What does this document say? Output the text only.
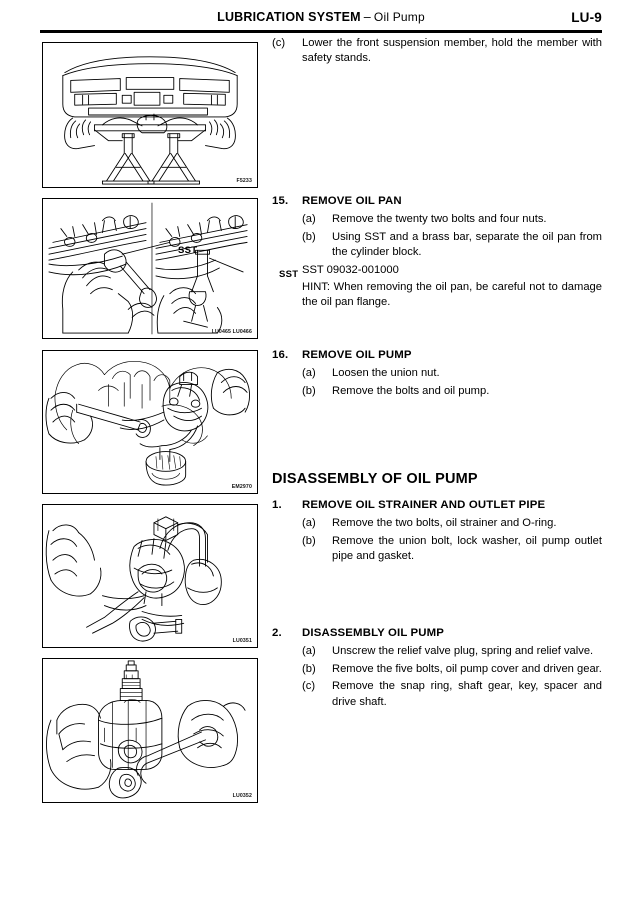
LUBRICATION SYSTEM – Oil Pump	LU-9
F5233
SST
SST
LU0465 LU0466
EM2970
LU0351
LU0352
(c)	Lower the front suspension member, hold the member with safety stands.
15.	REMOVE OIL PAN
(a)	Remove the twenty two bolts and four nuts.
(b)	Using SST and a brass bar, separate the oil pan from the cylinder block.
SST 09032-001000
HINT: When removing the oil pan, be careful not to damage the oil pan flange.
16.	REMOVE OIL PUMP
(a)	Loosen the union nut.
(b)	Remove the bolts and oil pump.
DISASSEMBLY OF OIL PUMP
1.	REMOVE OIL STRAINER AND OUTLET PIPE
(a)	Remove the two bolts, oil strainer and O-ring.
(b)	Remove the union bolt, lock washer, oil pump outlet pipe and gasket.
2.	DISASSEMBLY OIL PUMP
(a)	Unscrew the relief valve plug, spring and relief valve.
(b)	Remove the five bolts, oil pump cover and driven gear.
(c)	Remove the snap ring, shaft gear, key, spacer and drive shaft.
